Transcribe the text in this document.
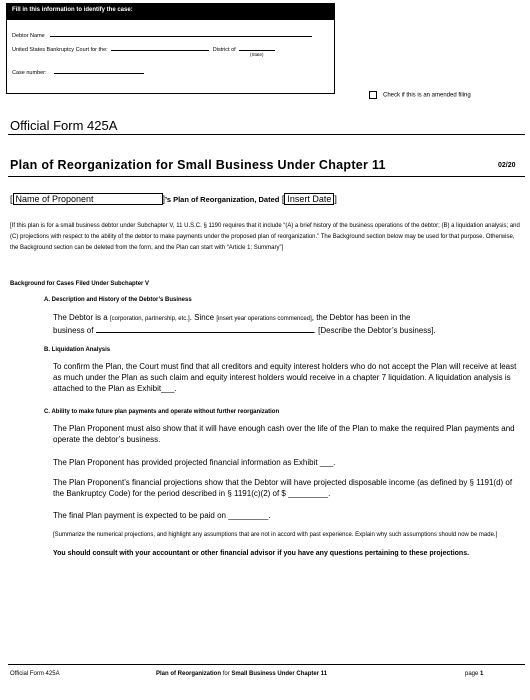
Fill in this information to identify the case:
Debtor Name
United States Bankruptcy Court for the:	District of
(State)
Case number:
Check if this is an amended filing
Official Form 425A
Plan of Reorganization for Small Business Under Chapter 11	02/20
[ Name of Proponent	]’s Plan of Reorganization, Dated [ Insert Date ]
[If this plan is for a small business debtor under Subchapter V, 11 U.S.C. § 1190 requires that it include “(A) a brief history of the business operations of the debtor; (B) a liquidation analysis; and (C) projections with respect to the ability of the debtor to make payments under the proposed plan of reorganization.” The Background section below may be used for that purpose. Otherwise, the Background section can be deleted from the form, and the Plan can start with “Article 1: Summary”]
Background for Cases Filed Under Subchapter V
A. Description and History of the Debtor’s Business
The Debtor is a [corporation, partnership, etc.]. Since [insert year operations commenced], the Debtor has been in the
business of	. [Describe the Debtor’s business].
B. Liquidation Analysis
To confirm the Plan, the Court must find that all creditors and equity interest holders who do not accept the Plan will receive at least as much under the Plan as such claim and equity interest holders would receive in a chapter 7 liquidation. A liquidation analysis is attached to the Plan as Exhibit___.
C. Ability to make future plan payments and operate without further reorganization
The Plan Proponent must also show that it will have enough cash over the life of the Plan to make the required Plan payments and operate the debtor’s business.
The Plan Proponent has provided projected financial information as Exhibit ___.
The Plan Proponent’s financial projections show that the Debtor will have projected disposable income (as defined by § 1191(d) of the Bankruptcy Code) for the period described in § 1191(c)(2) of $ _________.
The final Plan payment is expected to be paid on _________.
[Summarize the numerical projections, and highlight any assumptions that are not in accord with past experience. Explain why such assumptions should now be made.]
You should consult with your accountant or other financial advisor if you have any questions pertaining to these projections.
Official Form 425A	Plan of Reorganization for Small Business Under Chapter 11	page 1
